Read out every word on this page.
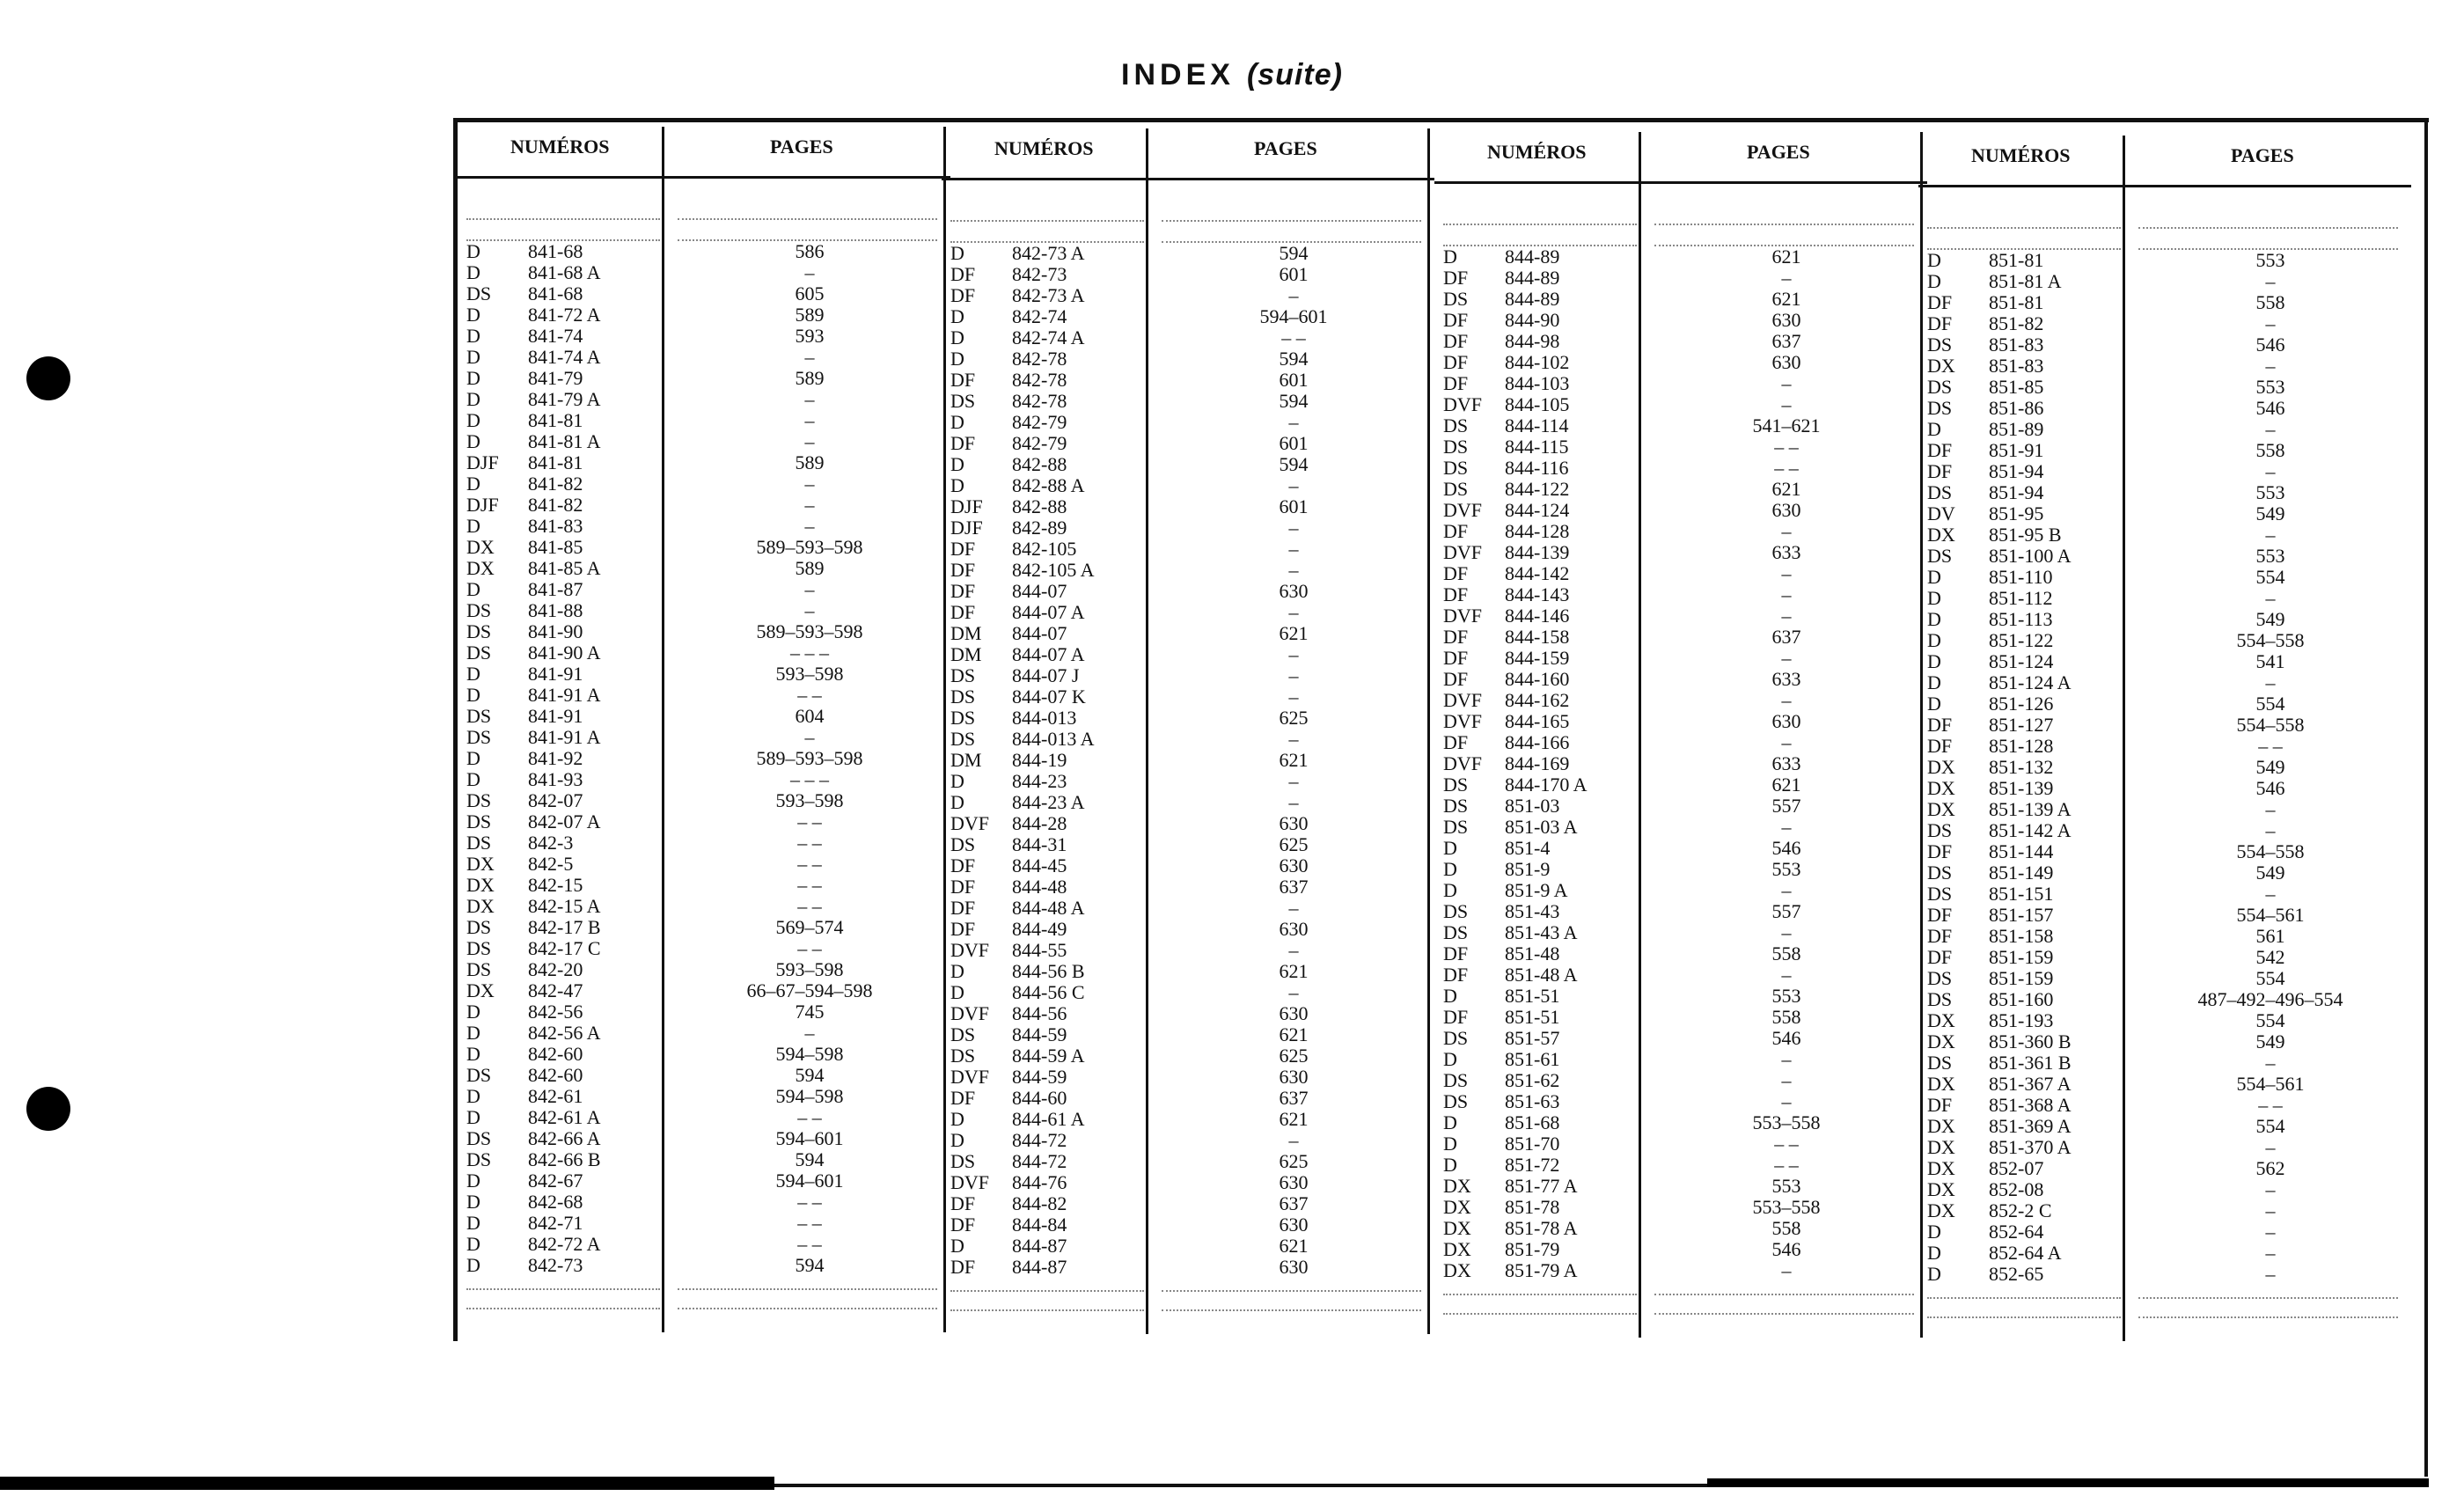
INDEX (suite)
NUMÉROS	PAGES
D 841-68	586
D 841-68 A	–
DS 841-68	605
D 841-72 A	589
D 841-74	593
D 841-74 A	–
D 841-79	589
D 841-79 A	–
D 841-81	–
D 841-81 A	–
DJF 841-81	589
D 841-82	–
DJF 841-82	–
D 841-83	–
DX 841-85	589–593–598
DX 841-85 A	589
D 841-87	–
DS 841-88	–
DS 841-90	589–593–598
DS 841-90 A	– – –
D 841-91	593–598
D 841-91 A	– –
DS 841-91	604
DS 841-91 A	–
D 841-92	589–593–598
D 841-93	– – –
DS 842-07	593–598
DS 842-07 A	– –
DS 842-3	– –
DX 842-5	– –
DX 842-15	– –
DX 842-15 A	– –
DS 842-17 B	569–574
DS 842-17 C	– –
DS 842-20	593–598
DX 842-47	66–67–594–598
D 842-56	745
D 842-56 A	–
D 842-60	594–598
DS 842-60	594
D 842-61	594–598
D 842-61 A	– –
DS 842-66 A	594–601
DS 842-66 B	594
D 842-67	594–601
D 842-68	– –
D 842-71	– –
D 842-72 A	– –
D 842-73	594
NUMÉROS	PAGES
D 842-73 A	594
DF 842-73	601
DF 842-73 A	–
D 842-74	594–601
D 842-74 A	– –
D 842-78	594
DF 842-78	601
DS 842-78	594
D 842-79	–
DF 842-79	601
D 842-88	594
D 842-88 A	–
DJF 842-88	601
DJF 842-89	–
DF 842-105	–
DF 842-105 A	–
DF 844-07	630
DF 844-07 A	–
DM 844-07	621
DM 844-07 A	–
DS 844-07 J	–
DS 844-07 K	–
DS 844-013	625
DS 844-013 A	–
DM 844-19	621
D 844-23	–
D 844-23 A	–
DVF 844-28	630
DS 844-31	625
DF 844-45	630
DF 844-48	637
DF 844-48 A	–
DF 844-49	630
DVF 844-55	–
D 844-56 B	621
D 844-56 C	–
DVF 844-56	630
DS 844-59	621
DS 844-59 A	625
DVF 844-59	630
DF 844-60	637
D 844-61 A	621
D 844-72	–
DS 844-72	625
DVF 844-76	630
DF 844-82	637
DF 844-84	630
D 844-87	621
DF 844-87	630
NUMÉROS	PAGES
D 844-89	621
DF 844-89	–
DS 844-89	621
DF 844-90	630
DF 844-98	637
DF 844-102	630
DF 844-103	–
DVF 844-105	–
DS 844-114	541–621
DS 844-115	– –
DS 844-116	– –
DS 844-122	621
DVF 844-124	630
DF 844-128	–
DVF 844-139	633
DF 844-142	–
DF 844-143	–
DVF 844-146	–
DF 844-158	637
DF 844-159	–
DF 844-160	633
DVF 844-162	–
DVF 844-165	630
DF 844-166	–
DVF 844-169	633
DS 844-170 A	621
DS 851-03	557
DS 851-03 A	–
D 851-4	546
D 851-9	553
D 851-9 A	–
DS 851-43	557
DS 851-43 A	–
DF 851-48	558
DF 851-48 A	–
D 851-51	553
DF 851-51	558
DS 851-57	546
D 851-61	–
DS 851-62	–
DS 851-63	–
D 851-68	553–558
D 851-70	– –
D 851-72	– –
DX 851-77 A	553
DX 851-78	553–558
DX 851-78 A	558
DX 851-79	546
DX 851-79 A	–
NUMÉROS	PAGES
D 851-81	553
D 851-81 A	–
DF 851-81	558
DF 851-82	–
DS 851-83	546
DX 851-83	–
DS 851-85	553
DS 851-86	546
D 851-89	–
DF 851-91	558
DF 851-94	–
DS 851-94	553
DV 851-95	549
DX 851-95 B	–
DS 851-100 A	553
D 851-110	554
D 851-112	–
D 851-113	549
D 851-122	554–558
D 851-124	541
D 851-124 A	–
D 851-126	554
DF 851-127	554–558
DF 851-128	– –
DX 851-132	549
DX 851-139	546
DX 851-139 A	–
DS 851-142 A	–
DF 851-144	554–558
DS 851-149	549
DS 851-151	–
DF 851-157	554–561
DF 851-158	561
DF 851-159	542
DS 851-159	554
DS 851-160	487–492–496–554
DX 851-193	554
DX 851-360 B	549
DS 851-361 B	–
DX 851-367 A	554–561
DF 851-368 A	– –
DX 851-369 A	554
DX 851-370 A	–
DX 852-07	562
DX 852-08	–
DX 852-2 C	–
D 852-64	–
D 852-64 A	–
D 852-65	–
